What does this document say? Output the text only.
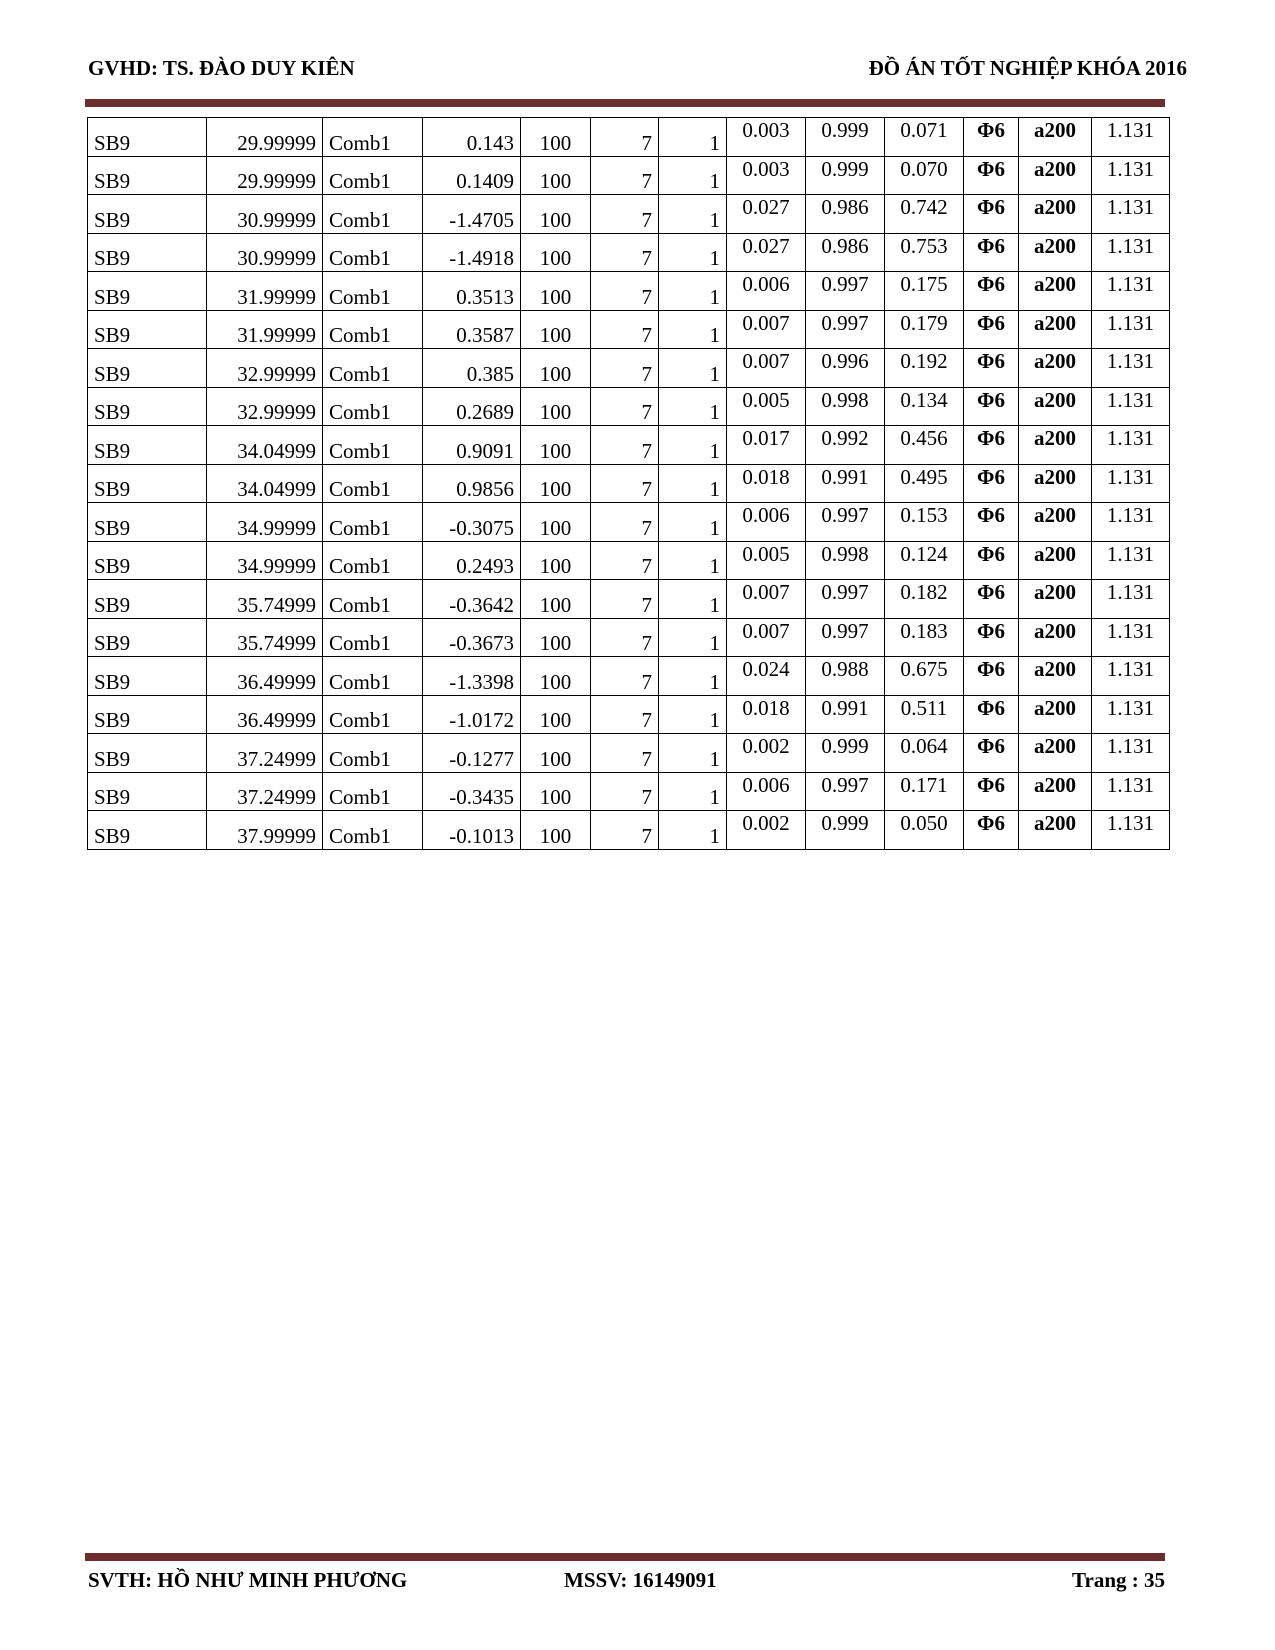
GVHD: TS. ĐÀO DUY KIÊN	ĐỒ ÁN TỐT NGHIỆP KHÓA 2016
SB9	29.99999	Comb1	0.143	100	7	1	0.003	0.999	0.071	Φ6	a200	1.131
SB9	29.99999	Comb1	0.1409	100	7	1	0.003	0.999	0.070	Φ6	a200	1.131
SB9	30.99999	Comb1	-1.4705	100	7	1	0.027	0.986	0.742	Φ6	a200	1.131
SB9	30.99999	Comb1	-1.4918	100	7	1	0.027	0.986	0.753	Φ6	a200	1.131
SB9	31.99999	Comb1	0.3513	100	7	1	0.006	0.997	0.175	Φ6	a200	1.131
SB9	31.99999	Comb1	0.3587	100	7	1	0.007	0.997	0.179	Φ6	a200	1.131
SB9	32.99999	Comb1	0.385	100	7	1	0.007	0.996	0.192	Φ6	a200	1.131
SB9	32.99999	Comb1	0.2689	100	7	1	0.005	0.998	0.134	Φ6	a200	1.131
SB9	34.04999	Comb1	0.9091	100	7	1	0.017	0.992	0.456	Φ6	a200	1.131
SB9	34.04999	Comb1	0.9856	100	7	1	0.018	0.991	0.495	Φ6	a200	1.131
SB9	34.99999	Comb1	-0.3075	100	7	1	0.006	0.997	0.153	Φ6	a200	1.131
SB9	34.99999	Comb1	0.2493	100	7	1	0.005	0.998	0.124	Φ6	a200	1.131
SB9	35.74999	Comb1	-0.3642	100	7	1	0.007	0.997	0.182	Φ6	a200	1.131
SB9	35.74999	Comb1	-0.3673	100	7	1	0.007	0.997	0.183	Φ6	a200	1.131
SB9	36.49999	Comb1	-1.3398	100	7	1	0.024	0.988	0.675	Φ6	a200	1.131
SB9	36.49999	Comb1	-1.0172	100	7	1	0.018	0.991	0.511	Φ6	a200	1.131
SB9	37.24999	Comb1	-0.1277	100	7	1	0.002	0.999	0.064	Φ6	a200	1.131
SB9	37.24999	Comb1	-0.3435	100	7	1	0.006	0.997	0.171	Φ6	a200	1.131
SB9	37.99999	Comb1	-0.1013	100	7	1	0.002	0.999	0.050	Φ6	a200	1.131
SVTH: HỒ NHƯ MINH PHƯƠNG	MSSV: 16149091	Trang : 35
